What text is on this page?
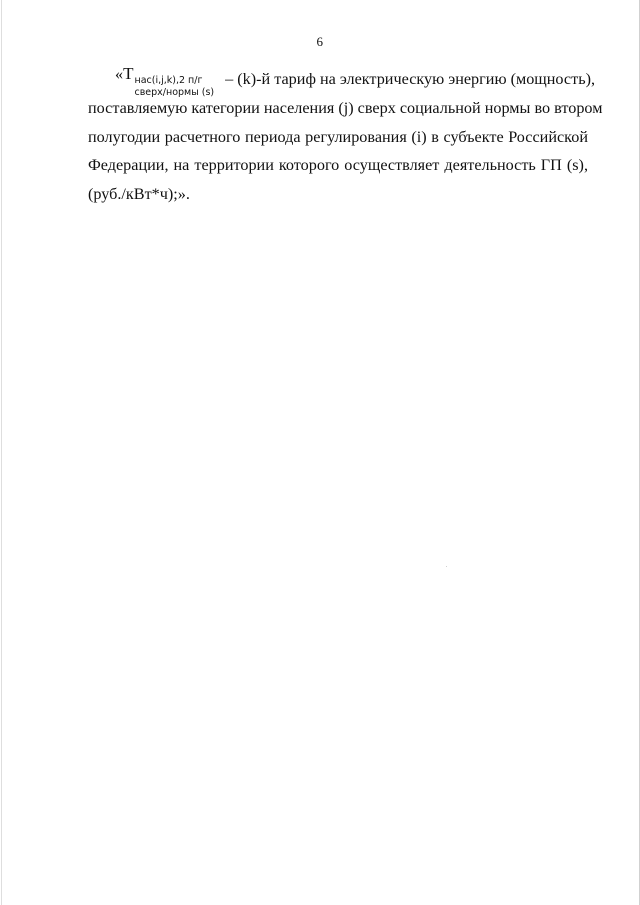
6
« T нас(i,j,k),2 п/г
сверх/нормы (s)
– (k)-й тариф на электрическую энергию (мощность),
поставляемую категории населения (j) сверх социальной нормы во втором
полугодии расчетного периода регулирования (i) в субъекте Российской
Федерации, на территории которого осуществляет деятельность ГП (s),
(руб./кВт*ч);».
